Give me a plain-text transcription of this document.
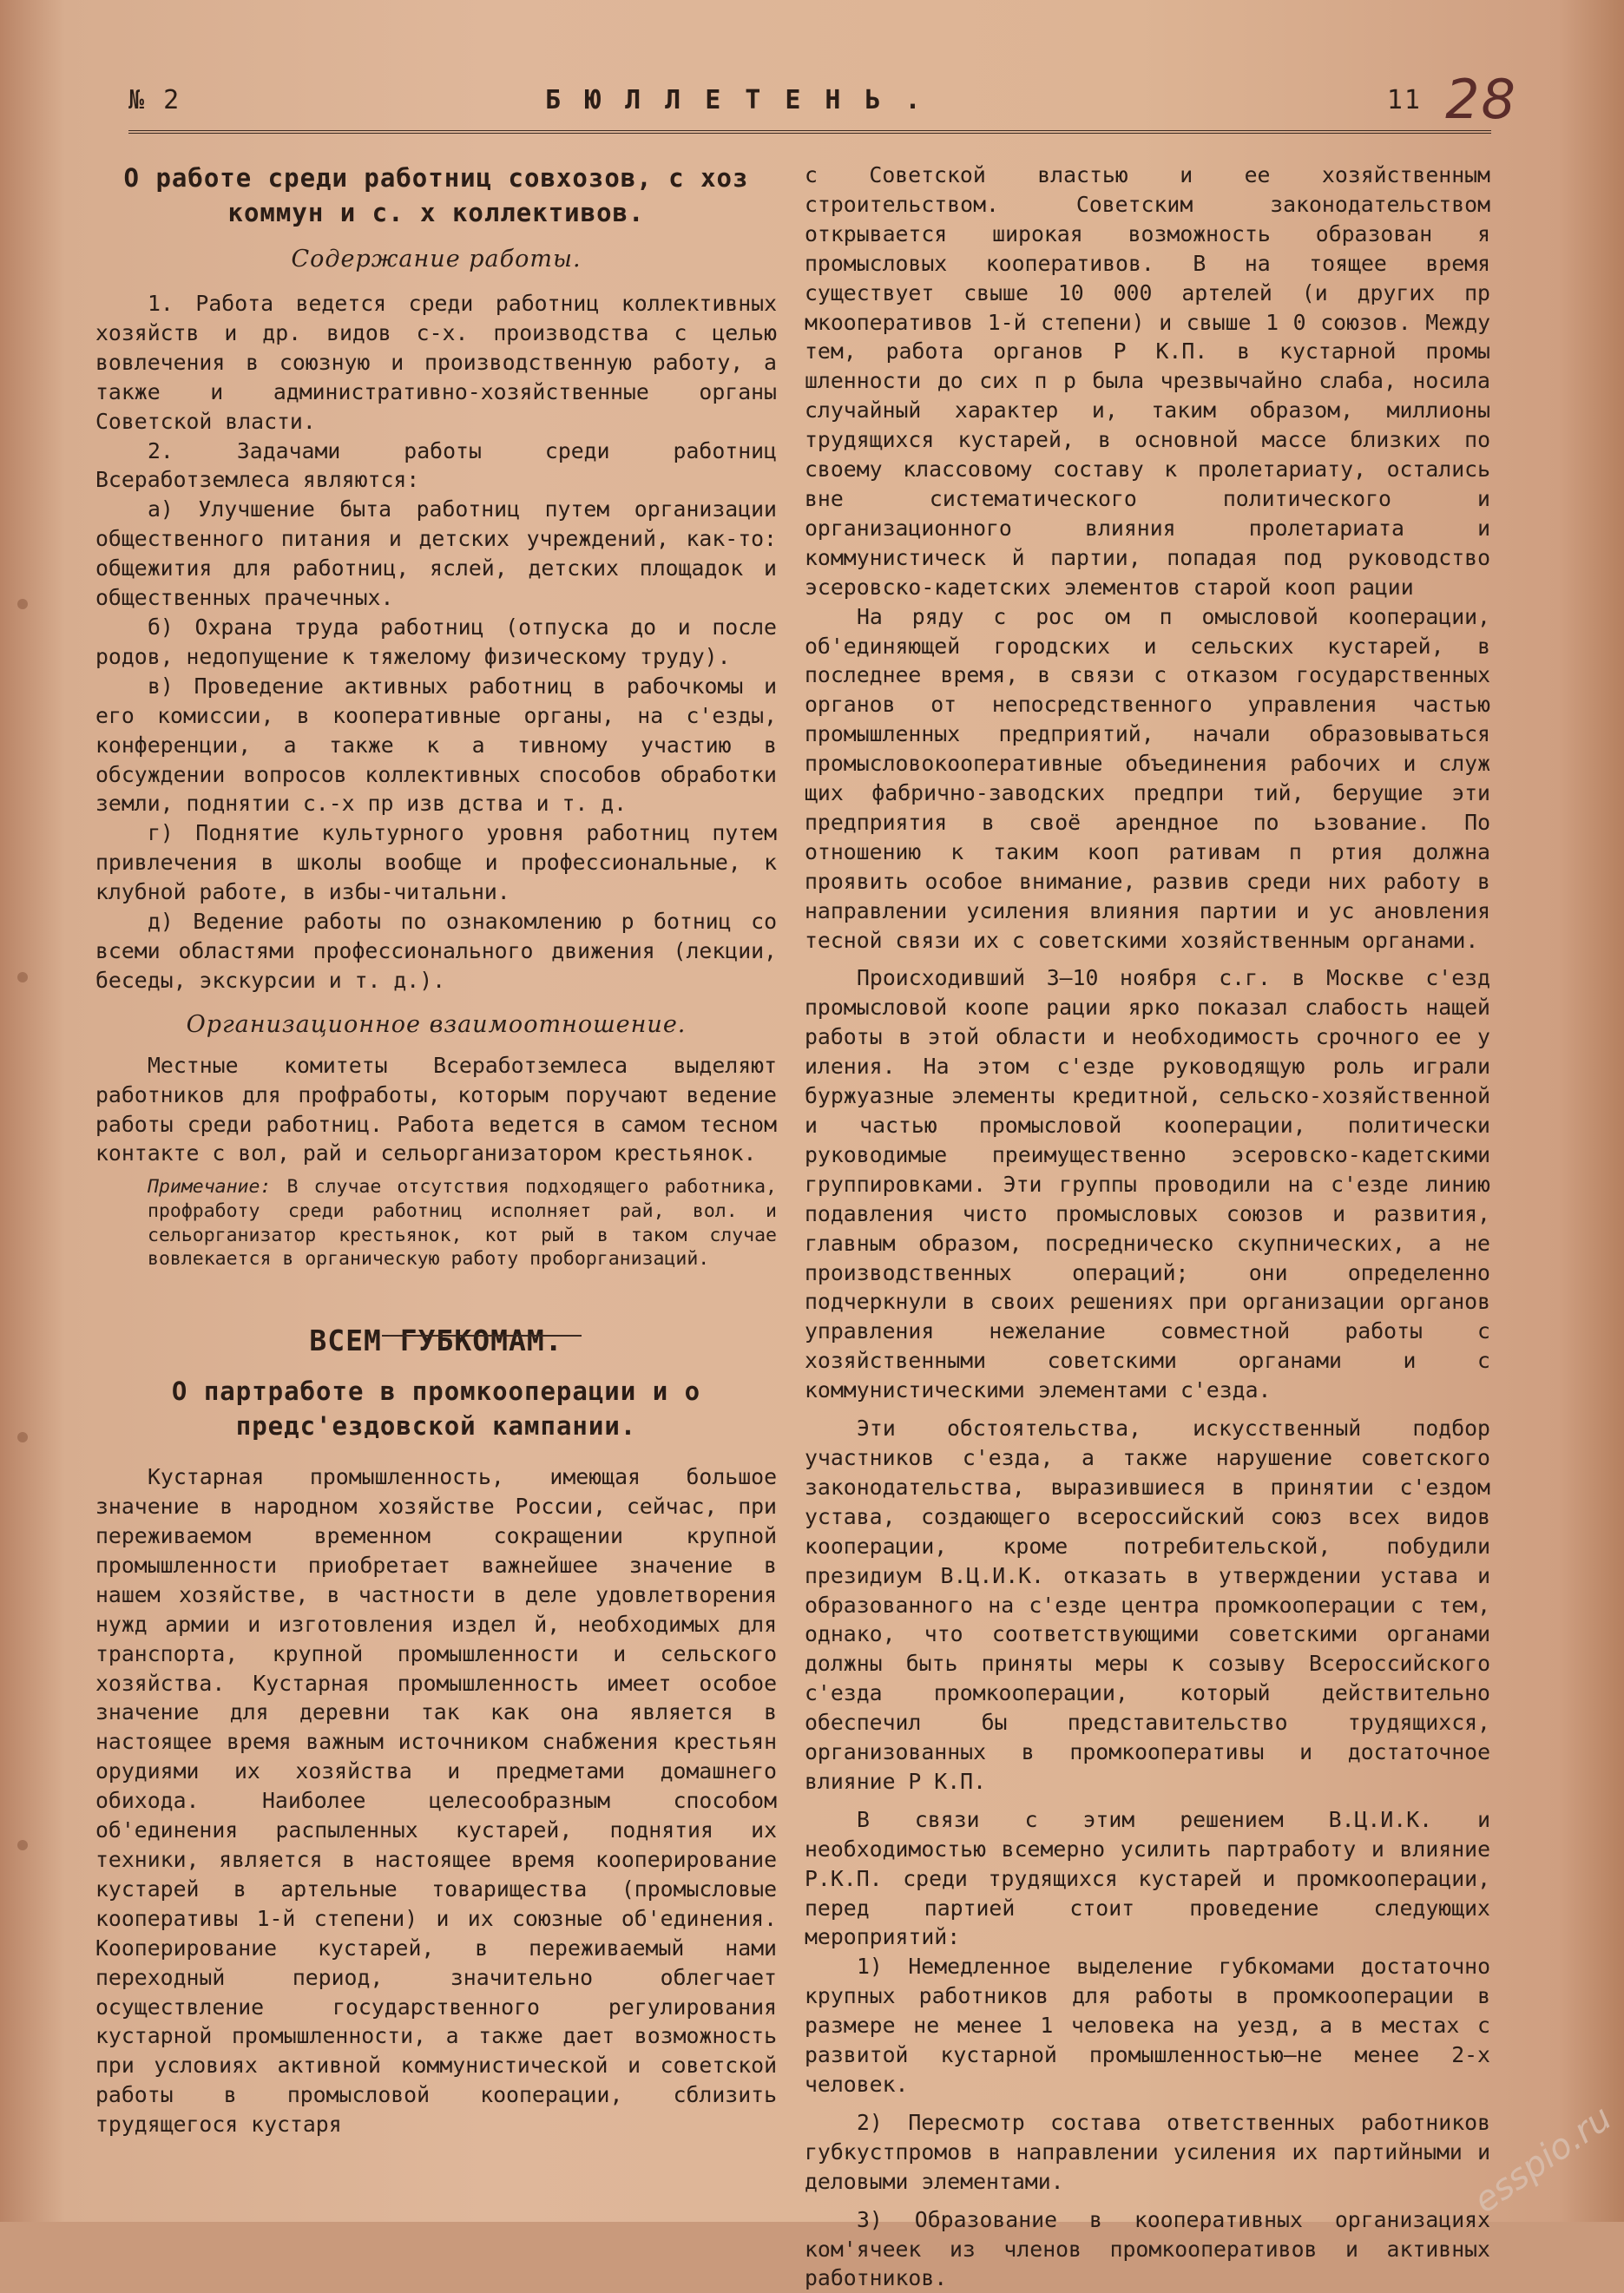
№ 2	БЮЛЛЕТЕНЬ.	11 28
О работе среди работниц совхозов, с хоз коммун и с. х коллективов.
Содержание работы.

1. Работа ведется среди работниц коллективных хозяйств и др. видов с-х. производства с целью вовлечения в союзную и производственную работу, а также и административно-хозяйственные органы Советской власти.

2. Задачами работы среди работниц Всеработземлеса являются:

а) Улучшение быта работниц путем организации общественного питания и детских учреждений, как-то: общежития для работниц, яслей, детских площадок и общественных прачечных.

б) Охрана труда работниц (отпуска до и после родов, недопущение к тяжелому физическому труду).

в) Проведение активных работниц в рабочкомы и его комиссии, в кооперативные органы, на с'езды, конференции, а также к а тивному участию в обсуждении вопросов коллективных способов обработки земли, поднятии с.-х пр изв дства и т. д.

г) Поднятие культурного уровня работниц путем привлечения в школы вообще и профессиональные, к клубной работе, в избы-читальни.

д) Ведение работы по ознакомлению р ботниц со всеми областями профессионального движения (лекции, беседы, экскурсии и т. д.).

Организационное взаимоотношение.

Местные комитеты Всеработземлеса выделяют работников для профработы, которым поручают ведение работы среди работниц. Работа ведется в самом тесном контакте с вол, рай и сельорганизатором крестьянок.

Примечание: В случае отсутствия подходящего работника, профработу среди работниц исполняет рай, вол. и сельорганизатор крестьянок, кот рый в таком случае вовлекается в органическую работу проборганизаций.
ВСЕМ ГУБКОМАМ.
О партработе в промкооперации и о предс'ездовской кампании.

Кустарная промышленность, имеющая большое значение в народном хозяйстве России, сейчас, при переживаемом временном сокращении крупной промышленности приобретает важнейшее значение в нашем хозяйстве, в частности в деле удовлетворения нужд армии и изготовления издел й, необходимых для транспорта, крупной промышленности и сельского хозяйства. Кустарная промышленность имеет особое значение для деревни так как она является в настоящее время важным источником снабжения крестьян орудиями их хозяйства и предметами домашнего обихода. Наиболее целесообразным способом об'единения распыленных кустарей, поднятия их техники, является в настоящее время кооперирование кустарей в артельные товарищества (промысловые кооперативы 1-й степени) и их союзные об'единения. Кооперирование кустарей, в переживаемый нами переходный период, значительно облегчает осуществление государственного регулирования кустарной промышленности, а также дает возможность при условиях активной коммунистической и советской работы в промысловой кооперации, сблизить трудящегося кустаря

с Советской властью и ее хозяйственным строительством. Советским законодательством открывается широкая возможность образован я промысловых кооперативов. В на тоящее время существует свыше 10 000 артелей (и других пр мкооперативов 1-й степени) и свыше 1 0 союзов. Между тем, работа органов Р К.П. в кустарной промы шленности до сих п р была чрезвычайно слаба, носила случайный характер и, таким образом, миллионы трудящихся кустарей, в основной массе близких по своему классовому составу к пролетариату, остались вне систематического политического и организационного влияния пролетариата и коммунистическ й партии, попадая под руководство эсеровско-кадетских элементов старой кооп рации

На ряду с рос ом п омысловой кооперации, об'единяющей городских и сельских кустарей, в последнее время, в связи с отказом государственных органов от непосредственного управления частью промышленных предприятий, начали образовываться промысловокооперативные объединения рабочих и служ щих фабрично-заводских предпри тий, берущие эти предприятия в своё арендное по ьзование. По отношению к таким кооп ративам п ртия должна проявить особое внимание, развив среди них работу в направлении усиления влияния партии и ус ановления тесной связи их с советскими хозяйственным органами.

Происходивший 3—10 ноября с.г. в Москве с'езд промысловой коопе рации ярко показал слабость нащей работы в этой области и необходимость срочного ее у иления. На этом с'езде руководящую роль играли буржуазные элементы кредитной, сельско-хозяйственной и частью промысловой кооперации, политически руководимые преимущественно эсеровско-кадетскими группировками. Эти группы проводили на с'езде линию подавления чисто промысловых союзов и развития, главным образом, посредническо скупнических, а не производственных операций; они определенно подчеркнули в своих решениях при организации органов управления нежелание совместной работы с хозяйственными советскими органами и с коммунистическими элементами с'езда.

Эти обстоятельства, искусственный подбор участников с'езда, а также нарушение советского законодательства, выразившиеся в принятии с'ездом устава, создающего всероссийский союз всех видов кооперации, кроме потребительской, побудили президиум В.Ц.И.К. отказать в утверждении устава и образованного на с'езде центра промкооперации с тем, однако, что соответствующими советскими органами должны быть приняты меры к созыву Всероссийского с'езда промкооперации, который действительно обеспечил бы представительство трудящихся, организованных в промкооперативы и достаточное влияние Р К.П.

В связи с этим решением В.Ц.И.К. и необходимостью всемерно усилить партработу и влияние Р.К.П. среди трудящихся кустарей и промкооперации, перед партией стоит проведение следующих мероприятий:

1) Немедленное выделение губкомами достаточно крупных работников для работы в промкооперации в размере не менее 1 человека на уезд, а в местах с развитой кустарной промышленностью—не менее 2-х человек.

2) Пересмотр состава ответственных работников губкустпромов в направлении усиления их партийными и деловыми элементами.

3) Образование в кооперативных организациях ком'ячеек из членов промкооперативов и активных работников.

esspio.ru
